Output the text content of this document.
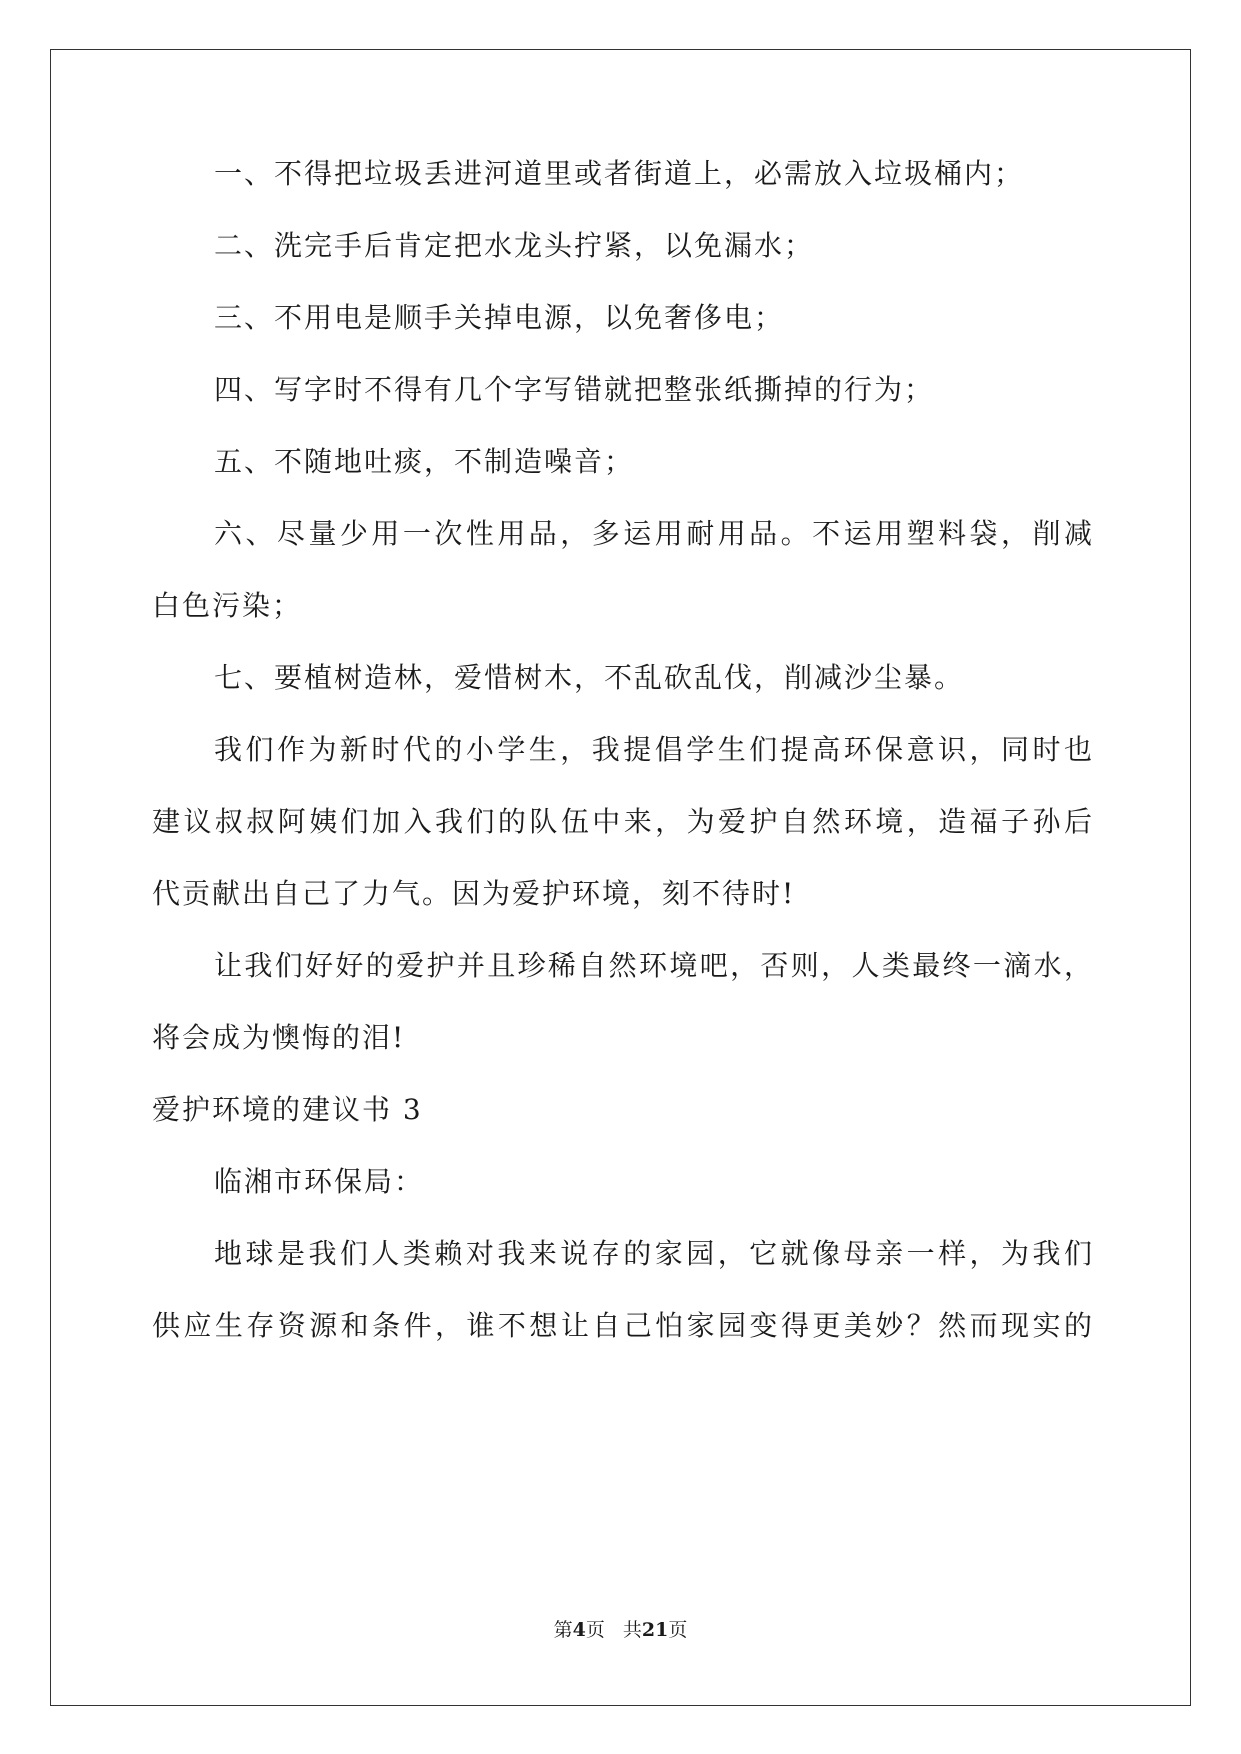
一、不得把垃圾丢进河道里或者街道上，必需放入垃圾桶内；
二、洗完手后肯定把水龙头拧紧，以免漏水；
三、不用电是顺手关掉电源，以免奢侈电；
四、写字时不得有几个字写错就把整张纸撕掉的行为；
五、不随地吐痰，不制造噪音；
六、尽量少用一次性用品，多运用耐用品。不运用塑料袋，削减
白色污染；
七、要植树造林，爱惜树木，不乱砍乱伐，削减沙尘暴。
我们作为新时代的小学生，我提倡学生们提高环保意识，同时也
建议叔叔阿姨们加入我们的队伍中来，为爱护自然环境，造福子孙后
代贡献出自己了力气。因为爱护环境，刻不待时!
让我们好好的爱护并且珍稀自然环境吧，否则，人类最终一滴水，
将会成为懊悔的泪!
爱护环境的建议书 3
临湘市环保局：
地球是我们人类赖对我来说存的家园，它就像母亲一样，为我们
供应生存资源和条件，谁不想让自己怕家园变得更美妙？然而现实的
第4页 共21页
